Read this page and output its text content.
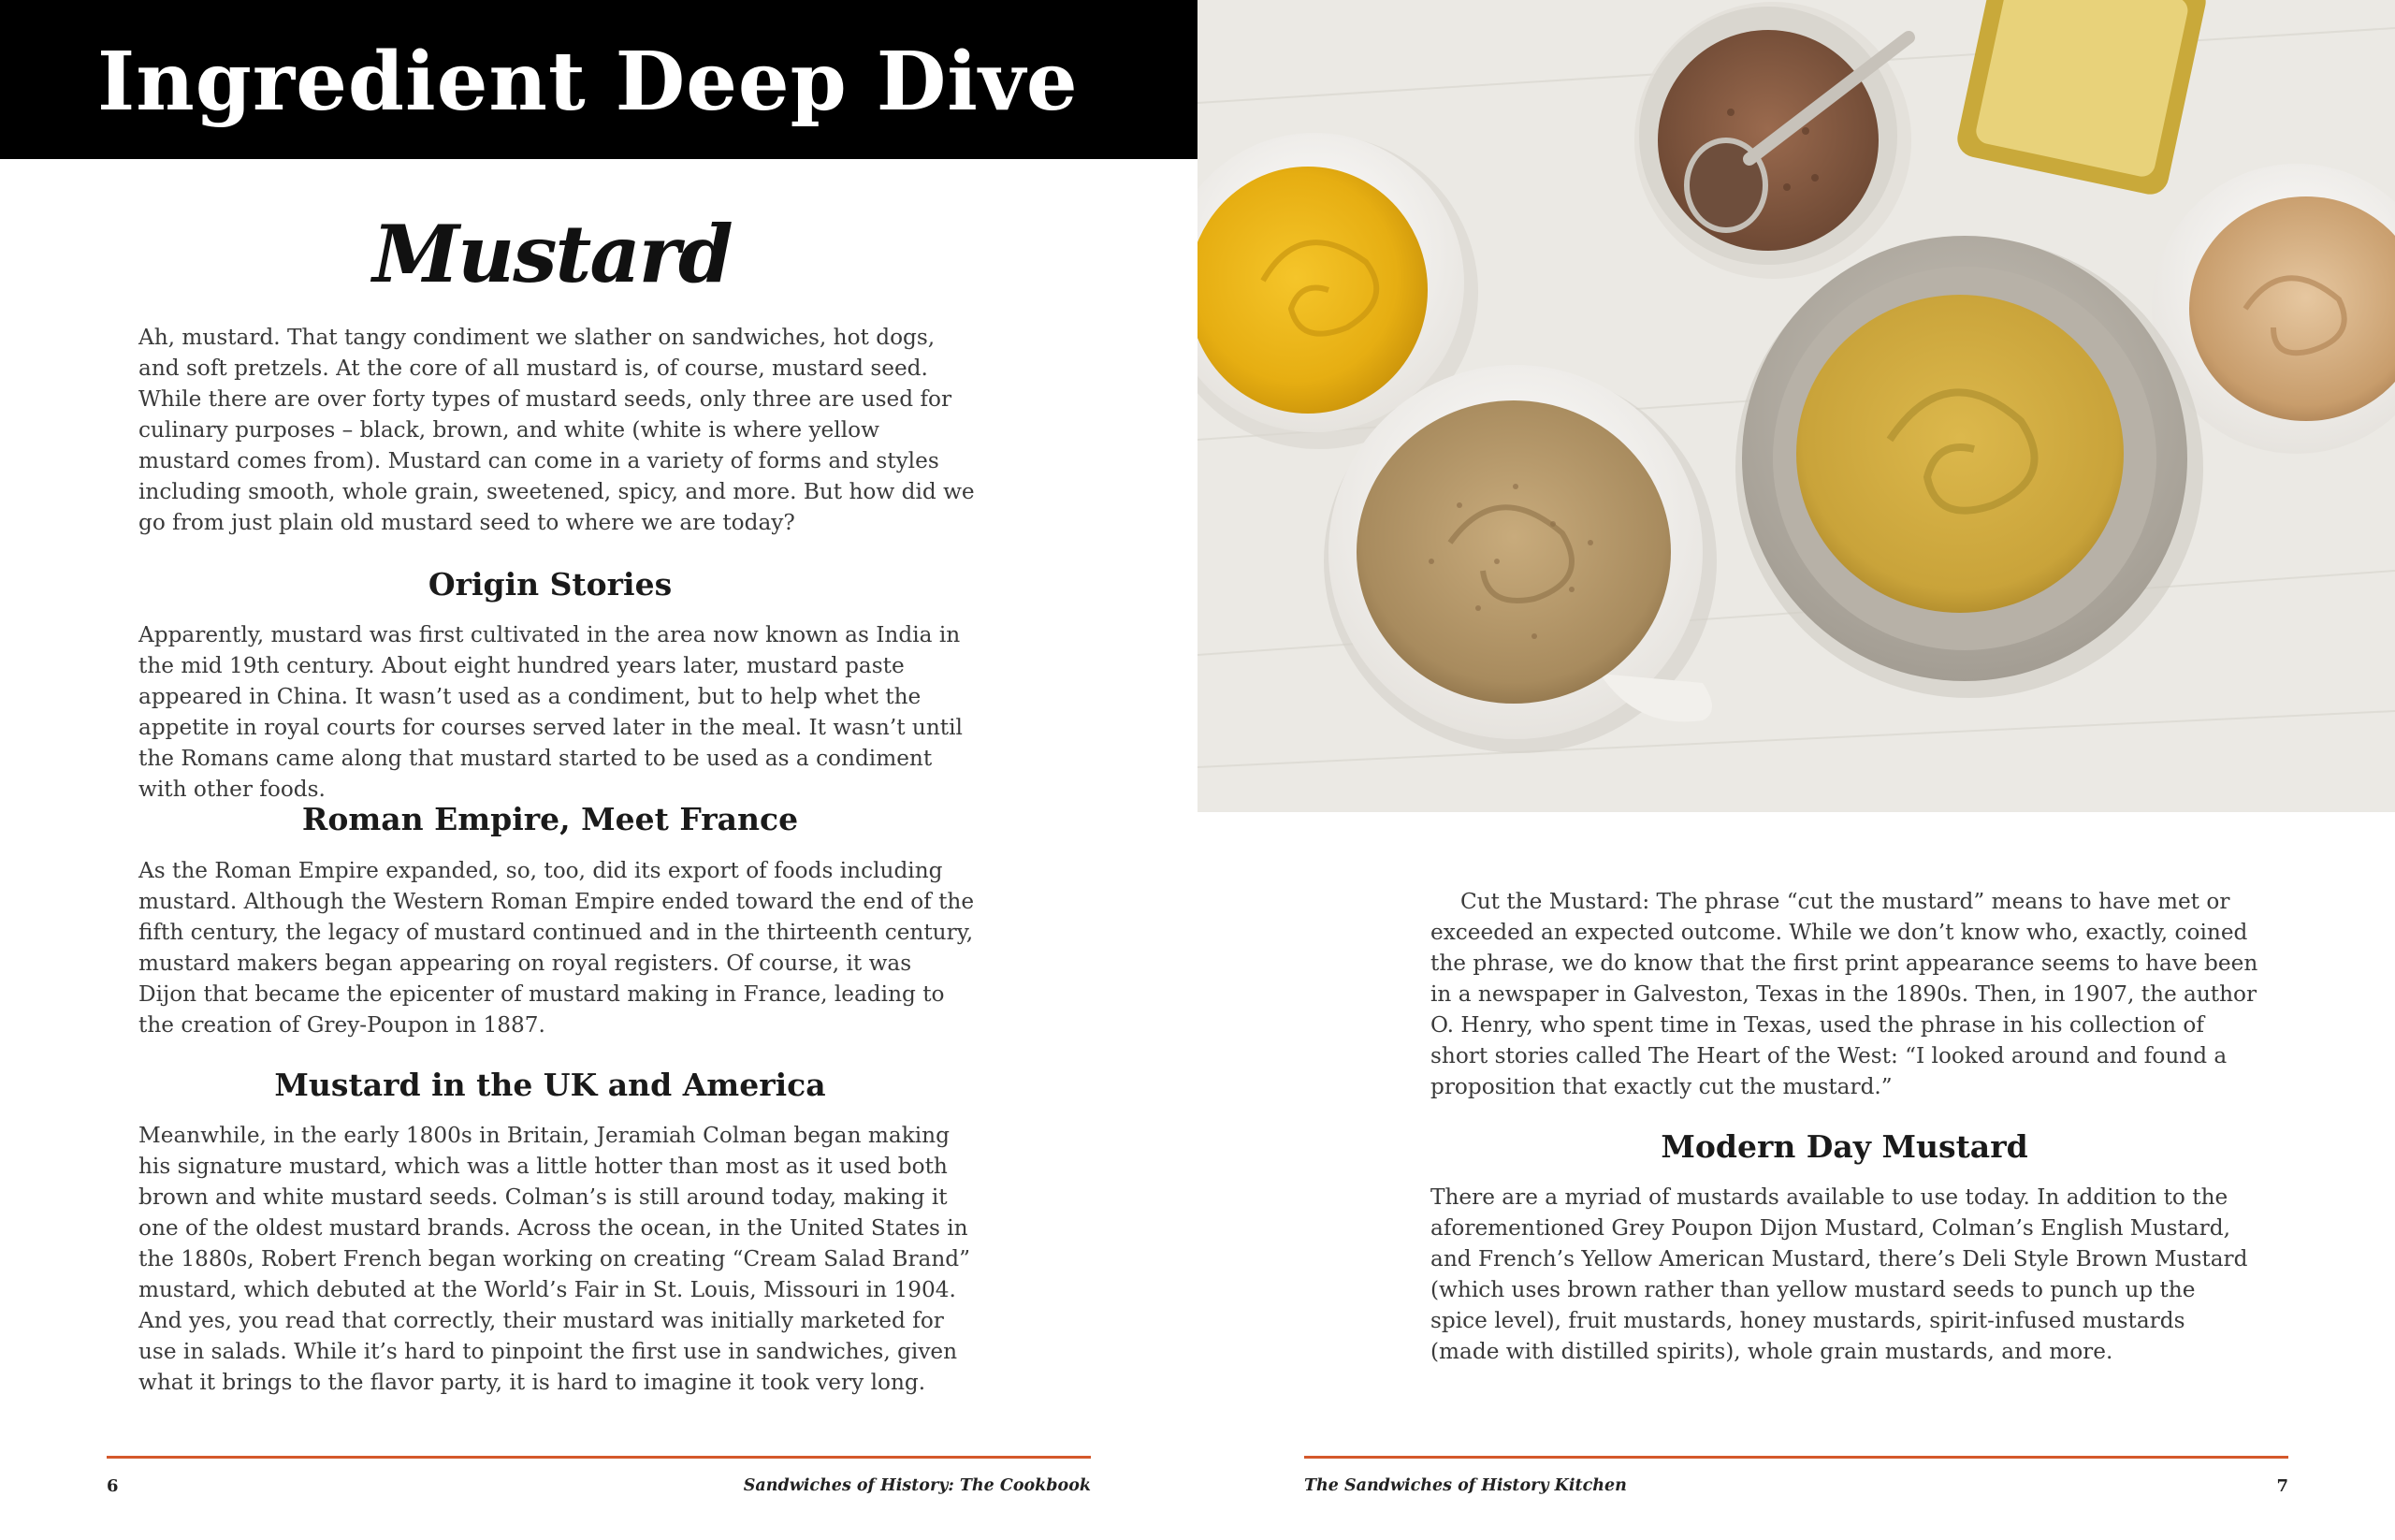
Ingredient Deep Dive
Mustard

Ah, mustard. That tangy condiment we slather on sandwiches, hot dogs, and soft pretzels. At the core of all mustard is, of course, mustard seed. While there are over forty types of mustard seeds, only three are used for culinary purposes – black, brown, and white (white is where yellow mustard comes from). Mustard can come in a variety of forms and styles including smooth, whole grain, sweetened, spicy, and more. But how did we go from just plain old mustard seed to where we are today?

Origin Stories

Apparently, mustard was first cultivated in the area now known as India in the mid 19th century. About eight hundred years later, mustard paste appeared in China. It wasn’t used as a condiment, but to help whet the appetite in royal courts for courses served later in the meal. It wasn’t until the Romans came along that mustard started to be used as a condiment with other foods.

Roman Empire, Meet France

As the Roman Empire expanded, so, too, did its export of foods including mustard. Although the Western Roman Empire ended toward the end of the fifth century, the legacy of mustard continued and in the thirteenth century, mustard makers began appearing on royal registers. Of course, it was Dijon that became the epicenter of mustard making in France, leading to the creation of Grey-Poupon in 1887.

Mustard in the UK and America

Meanwhile, in the early 1800s in Britain, Jeramiah Colman began making his signature mustard, which was a little hotter than most as it used both brown and white mustard seeds. Colman’s is still around today, making it one of the oldest mustard brands. Across the ocean, in the United States in the 1880s, Robert French began working on creating “Cream Salad Brand” mustard, which debuted at the World’s Fair in St. Louis, Missouri in 1904. And yes, you read that correctly, their mustard was initially marketed for use in salads. While it’s hard to pinpoint the first use in sandwiches, given what it brings to the flavor party, it is hard to imagine it took very long.

6	Sandwiches of History: The Cookbook

Cut the Mustard: The phrase “cut the mustard” means to have met or exceeded an expected outcome. While we don’t know who, exactly, coined the phrase, we do know that the first print appearance seems to have been in a newspaper in Galveston, Texas in the 1890s. Then, in 1907, the author O. Henry, who spent time in Texas, used the phrase in his collection of short stories called The Heart of the West: “I looked around and found a proposition that exactly cut the mustard.”

Modern Day Mustard

There are a myriad of mustards available to use today. In addition to the aforementioned Grey Poupon Dijon Mustard, Colman’s English Mustard, and French’s Yellow American Mustard, there’s Deli Style Brown Mustard (which uses brown rather than yellow mustard seeds to punch up the spice level), fruit mustards, honey mustards, spirit-infused mustards (made with distilled spirits), whole grain mustards, and more.

The Sandwiches of History Kitchen	7
